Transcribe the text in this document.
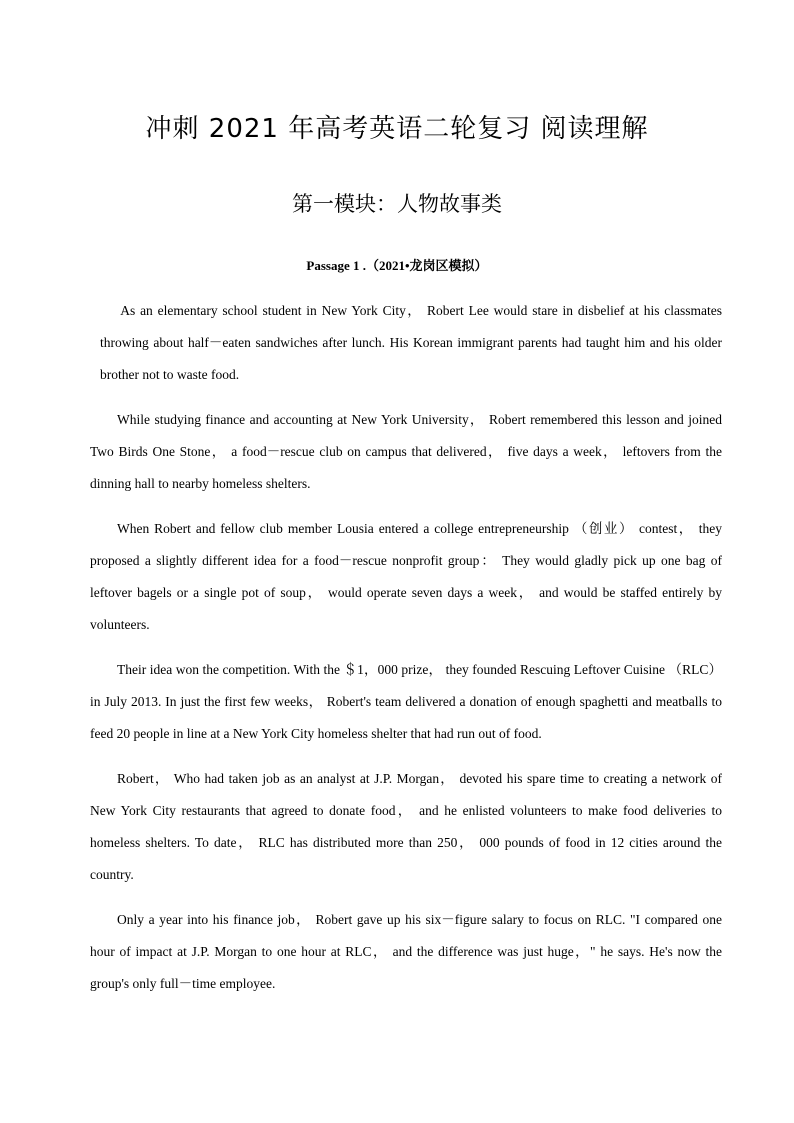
冲刺 2021 年高考英语二轮复习 阅读理解
第一模块：人物故事类
Passage 1 .（2021•龙岗区模拟）

As an elementary school student in New York City， Robert Lee would stare in disbelief at his classmates throwing about half－eaten sandwiches after lunch. His Korean immigrant parents had taught him and his older brother not to waste food.

While studying finance and accounting at New York University， Robert remembered this lesson and joined Two Birds One Stone， a food－rescue club on campus that delivered， five days a week， leftovers from the dinning hall to nearby homeless shelters.

When Robert and fellow club member Lousia entered a college entrepreneurship （创业） contest， they proposed a slightly different idea for a food－rescue nonprofit group： They would gladly pick up one bag of leftover bagels or a single pot of soup， would operate seven days a week， and would be staffed entirely by volunteers.

Their idea won the competition. With the ＄1，000 prize， they founded Rescuing Leftover Cuisine （RLC） in July 2013. In just the first few weeks， Robert's team delivered a donation of enough spaghetti and meatballs to feed 20 people in line at a New York City homeless shelter that had run out of food.

Robert， Who had taken job as an analyst at J.P. Morgan， devoted his spare time to creating a network of New York City restaurants that agreed to donate food， and he enlisted volunteers to make food deliveries to homeless shelters. To date， RLC has distributed more than 250， 000 pounds of food in 12 cities around the country.

Only a year into his finance job， Robert gave up his six－figure salary to focus on RLC. "I compared one hour of impact at J.P. Morgan to one hour at RLC， and the difference was just huge，" he says. He's now the group's only full－time employee.
